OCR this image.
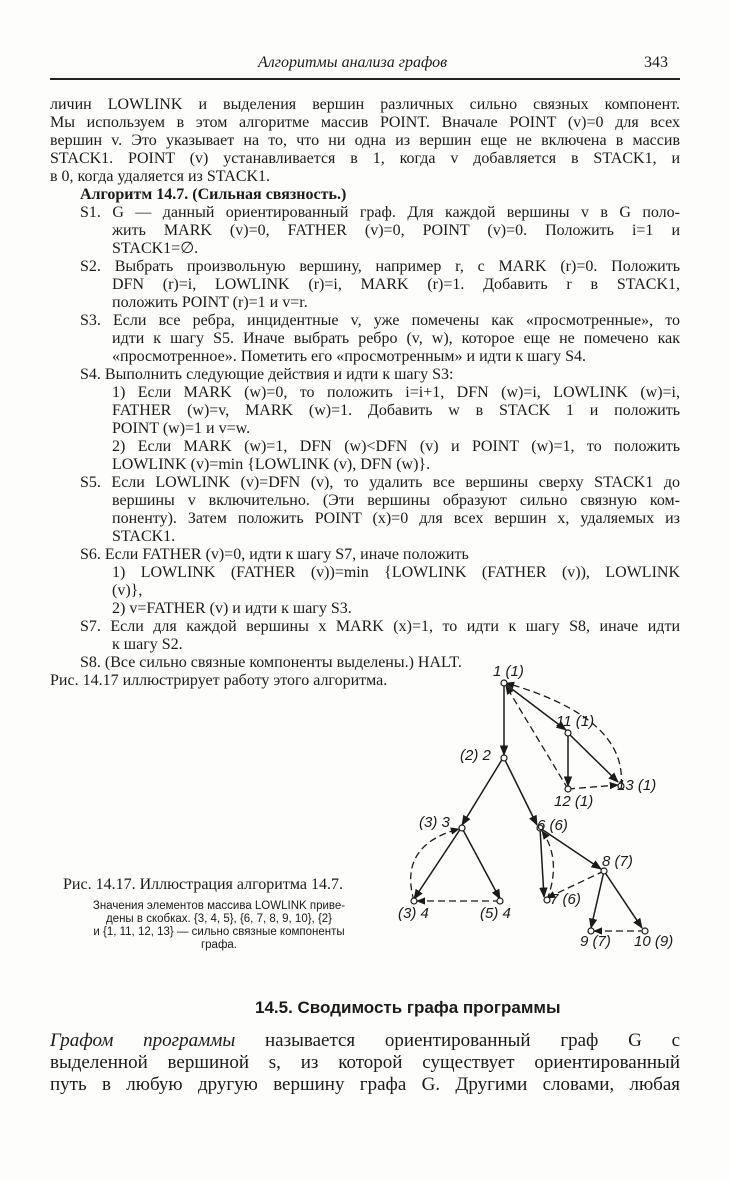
Алгоритмы анализа графов	343
личин LOWLINK и выделения вершин различных сильно связных компонент.
Мы используем в этом алгоритме массив POINT. Вначале POINT (v)=0 для всех
вершин v. Это указывает на то, что ни одна из вершин еще не включена в массив
STACK1. POINT (v) устанавливается в 1, когда v добавляется в STACK1, и
в 0, когда удаляется из STACK1.
Алгоритм 14.7. (Сильная связность.)
S1. G — данный ориентированный граф. Для каждой вершины v в G поло-
жить MARK (v)=0, FATHER (v)=0, POINT (v)=0. Положить i=1 и
STACK1=∅.
S2. Выбрать произвольную вершину, например r, с MARK (r)=0. Положить
DFN (r)=i, LOWLINK (r)=i, MARK (r)=1. Добавить r в STACK1,
положить POINT (r)=1 и v=r.
S3. Если все ребра, инцидентные v, уже помечены как «просмотренные», то
идти к шагу S5. Иначе выбрать ребро (v, w), которое еще не помечено как
«просмотренное». Пометить его «просмотренным» и идти к шагу S4.
S4. Выполнить следующие действия и идти к шагу S3:
1) Если MARK (w)=0, то положить i=i+1, DFN (w)=i, LOWLINK (w)=i,
FATHER (w)=v, MARK (w)=1. Добавить w в STACK 1 и положить
POINT (w)=1 и v=w.
2) Если MARK (w)=1, DFN (w)<DFN (v) и POINT (w)=1, то положить
LOWLINK (v)=min {LOWLINK (v), DFN (w)}.
S5. Если LOWLINK (v)=DFN (v), то удалить все вершины сверху STACK1 до
вершины v включительно. (Эти вершины образуют сильно связную ком-
поненту). Затем положить POINT (x)=0 для всех вершин x, удаляемых из
STACK1.
S6. Если FATHER (v)=0, идти к шагу S7, иначе положить
1) LOWLINK (FATHER (v))=min {LOWLINK (FATHER (v)), LOWLINK
(v)},
2) v=FATHER (v) и идти к шагу S3.
S7. Если для каждой вершины x MARK (x)=1, то идти к шагу S8, иначе идти
к шагу S2.
S8. (Все сильно связные компоненты выделены.) HALT.
Рис. 14.17 иллюстрирует работу этого алгоритма.
Рис. 14.17. Иллюстрация алгоритма 14.7.
Значения элементов массива LOWLINK приве-
дены в скобках. {3, 4, 5}, {6, 7, 8, 9, 10}, {2}
и {1, 11, 12, 13} — сильно связные компоненты
графа.
1 (1)
11 (1)
(2) 2
12 (1)
13 (1)
(3) 3	6 (6)
8 (7)
(3) 4	(5) 4
7 (6)
9 (7) 10 (9)
14.5. Сводимость графа программы
Графом программы называется ориентированный граф G с
выделенной вершиной s, из которой существует ориентированный
путь в любую другую вершину графа G. Другими словами, любая
